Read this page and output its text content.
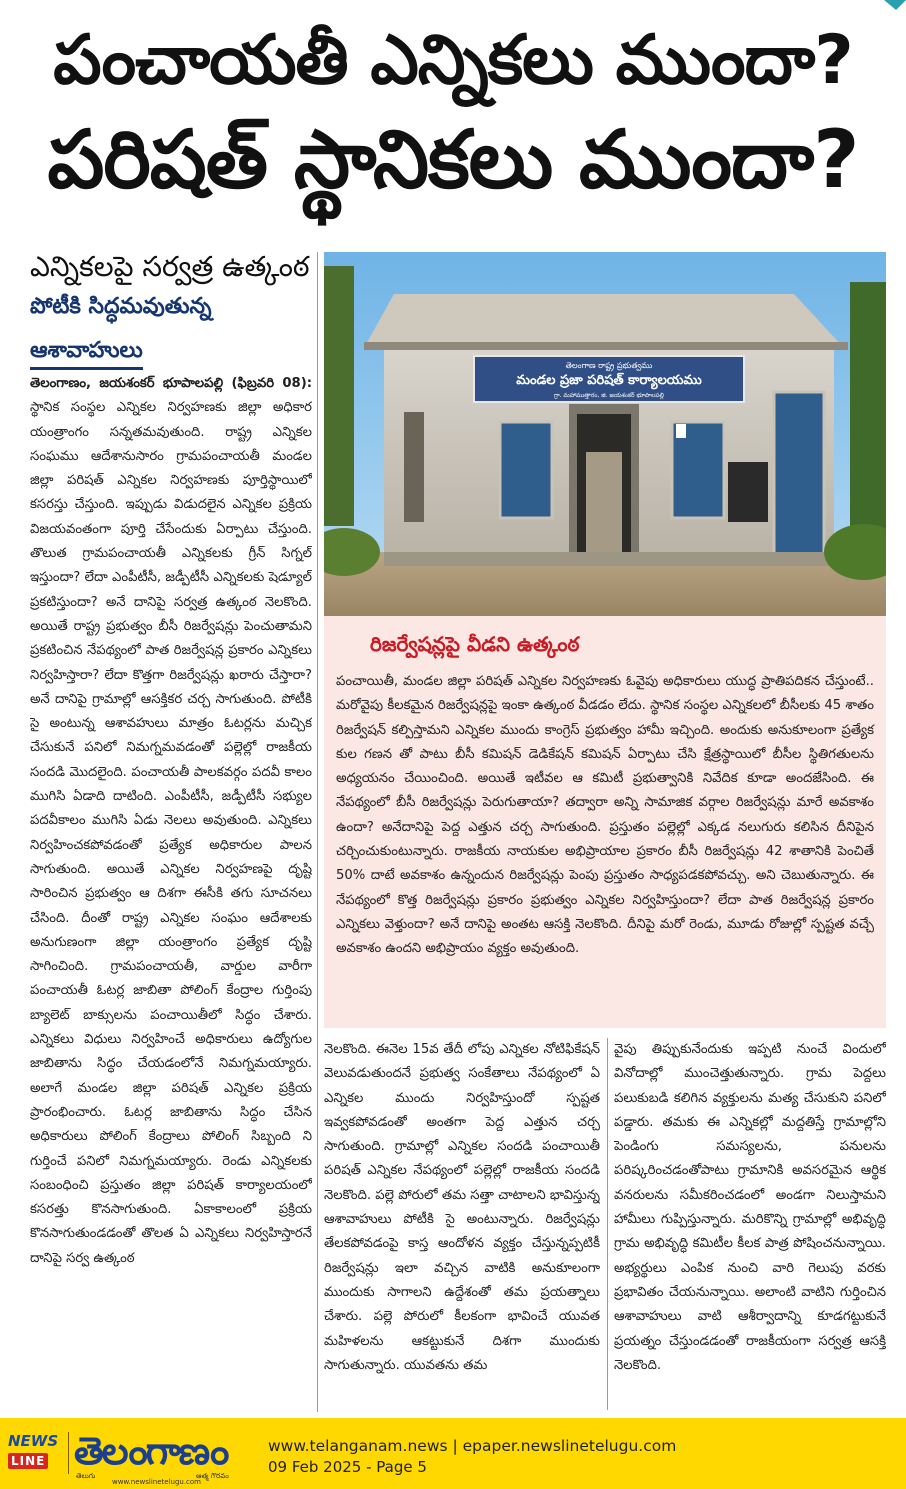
పంచాయతీ ఎన్నికలు ముందా?
పరిషత్ స్థానికలు ముందా?
ఎన్నికలపై సర్వత్ర ఉత్కంఠ
పోటీకి సిద్ధమవుతున్న
ఆశావాహులు
తెలంగాణం, జయశంకర్ భూపాలపల్లి (ఫిబ్రవరి 08): స్థానిక సంస్థల ఎన్నికల నిర్వహణకు జిల్లా అధికార యంత్రాంగం సన్నతమవుతుంది. రాష్ట్ర ఎన్నికల సంఘము ఆదేశానుసారం గ్రామపంచాయతీ మండల జిల్లా పరిషత్ ఎన్నికల నిర్వహణకు పూర్తిస్థాయిలో కసరస్తు చేస్తుంది. ఇప్పుడు విడుదలైన ఎన్నికల ప్రక్రియ విజయవంతంగా పూర్తి చేసేందుకు ఏర్పాటు చేస్తుంది. తొలుత గ్రామపంచాయతీ ఎన్నికలకు గ్రీన్ సిగ్నల్ ఇస్తుందా? లేదా ఎంపీటీసీ, జడ్పీటీసీ ఎన్నికలకు షెడ్యూల్ ప్రకటిస్తుందా? అనే దానిపై సర్వత్ర ఉత్కంఠ నెలకొంది. అయితే రాష్ట్ర ప్రభుత్వం బీసీ రిజర్వేషన్లు పెంచుతామని ప్రకటించిన నేపథ్యంలో పాత రిజర్వేషన్ల ప్రకారం ఎన్నికలు నిర్వహిస్తారా? లేదా కొత్తగా రిజర్వేషన్లు ఖరారు చేస్తారా? అనే దానిపై గ్రామాల్లో ఆసక్తికర చర్చ సాగుతుంది. పోటీకి సై అంటున్న ఆశావహులు మాత్రం ఓటర్లను మచ్చిక చేసుకునే పనిలో నిమగ్నమవడంతో పల్లెల్లో రాజకీయ సందడి మొదలైంది. పంచాయతీ పాలకవర్గం పదవీ కాలం ముగిసి ఏడాది దాటింది. ఎంపీటీసీ, జడ్పీటీసీ సభ్యుల పదవీకాలం ముగిసి ఏడు నెలలు అవుతుంది. ఎన్నికలు నిర్వహించకపోవడంతో ప్రత్యేక అధికారుల పాలన సాగుతుంది. అయితే ఎన్నికల నిర్వహణపై దృష్టి సారించిన ప్రభుత్వం ఆ దిశగా ఈసీకి తగు సూచనలు చేసింది. దీంతో రాష్ట్ర ఎన్నికల సంఘం ఆదేశాలకు అనుగుణంగా జిల్లా యంత్రాంగం ప్రత్యేక దృష్టి సాగించింది. గ్రామపంచాయతీ, వార్డుల వారీగా పంచాయతీ ఓటర్ల జాబితా పోలింగ్ కేంద్రాల గుర్తింపు బ్యాలెట్ బాక్సులను పంచాయితీలో సిద్ధం చేశారు. ఎన్నికలు విధులు నిర్వహించే అధికారులు ఉద్యోగుల జాబితాను సిద్ధం చేయడంలోనే నిమగ్నమయ్యారు. అలాగే మండల జిల్లా పరిషత్ ఎన్నికల ప్రక్రియ ప్రారంభించారు. ఓటర్ల జాబితాను సిద్ధం చేసిన అధికారులు పోలింగ్ కేంద్రాలు పోలింగ్ సిబ్బంది ని గుర్తించే పనిలో నిమగ్నమయ్యారు. రెండు ఎన్నికలకు సంబంధించి ప్రస్తుతం జిల్లా పరిషత్ కార్యాలయంలో కసరత్తు కొనసాగుతుంది. ఏకాకాలంలో ప్రక్రియ కొనసాగుతుండడంతో తొలత ఏ ఎన్నికలు నిర్వహిస్తారనే దానిపై సర్వ ఉత్కంఠ
తెలంగాణ రాష్ట్ర ప్రభుత్వము
మండల ప్రజా పరిషత్ కార్యాలయము
గ్రా. మహాముత్తారం, జి. జయశంకర్ భూపాలపల్లి
రిజర్వేషన్లపై వీడని ఉత్కంఠ
పంచాయితీ, మండల జిల్లా పరిషత్ ఎన్నికల నిర్వహణకు ఓవైపు అధికారులు యుద్ధ ప్రాతిపదికన చేస్తుంటే.. మరోవైపు కీలకమైన రిజర్వేషన్లపై ఇంకా ఉత్కంఠ వీడడం లేదు. స్థానిక సంస్థల ఎన్నికలలో బీసీలకు 45 శాతం రిజర్వేషన్ కల్పిస్తామని ఎన్నికల ముందు కాంగ్రెస్ ప్రభుత్వం హామీ ఇచ్చింది. అందుకు అనుకూలంగా ప్రత్యేక కుల గణన తో పాటు బీసీ కమిషన్ డెడికేషన్ కమిషన్ ఏర్పాటు చేసి క్షేత్రస్థాయిలో బీసీల స్థితిగతులను అధ్యయనం చేయించింది. అయితే ఇటీవల ఆ కమిటీ ప్రభుత్వానికి నివేదిక కూడా అందజేసింది. ఈ నేపథ్యంలో బీసీ రిజర్వేషన్లు పెరుగుతాయా? తద్వారా అన్ని సామాజిక వర్గాల రిజర్వేషన్లు మారే అవకాశం ఉందా? అనేదానిపై పెద్ద ఎత్తున చర్చ సాగుతుంది. ప్రస్తుతం పల్లెల్లో ఎక్కడ నలుగురు కలిసిన దీనిపైన చర్చించుకుంటున్నారు. రాజకీయ నాయకుల అభిప్రాయాల ప్రకారం బీసీ రిజర్వేషన్లు 42 శాతానికి పెంచితే 50% దాటే అవకాశం ఉన్నందున రిజర్వేషన్లు పెంపు ప్రస్తుతం సాధ్యపడకపోవచ్చు. అని చెబుతున్నారు. ఈ నేపథ్యంలో కొత్త రిజర్వేషన్లు ప్రకారం ప్రభుత్వం ఎన్నికల నిర్వహిస్తుందా? లేదా పాత రిజర్వేషన్ల ప్రకారం ఎన్నికలు వెళ్తుందా? అనే దానిపై అంతట ఆసక్తి నెలకొంది. దీనిపై మరో రెండు, మూడు రోజుల్లో స్పష్టత వచ్చే అవకాశం ఉందని అభిప్రాయం వ్యక్తం అవుతుంది.
నెలకొంది. ఈనెల 15వ తేదీ లోపు ఎన్నికల నోటిఫికేషన్ వెలువడుతుందనే ప్రభుత్వ సంకేతాలు నేపథ్యంలో ఏ ఎన్నికల ముందు నిర్వహిస్తుందో స్పష్టత ఇవ్వకపోవడంతో అంతగా పెద్ద ఎత్తున చర్చ సాగుతుంది. గ్రామాల్లో ఎన్నికల సందడి పంచాయితీ పరిషత్ ఎన్నికల నేపథ్యంలో పల్లెల్లో రాజకీయ సందడి నెలకొంది. పల్లె పోరులో తమ సత్తా చాటాలని భావిస్తున్న ఆశావాహులు పోటీకి సై అంటున్నారు. రిజర్వేషన్లు తేలకపోవడంపై కాస్త ఆందోళన వ్యక్తం చేస్తున్నప్పటికీ రిజర్వేషన్లు ఇలా వచ్చిన వాటికి అనుకూలంగా ముందుకు సాగాలని ఉద్దేశంతో తమ ప్రయత్నాలు చేశారు. పల్లె పోరులో కీలకంగా భావించే యువత మహిళలను ఆకట్టుకునే దిశగా ముందుకు సాగుతున్నారు. యువతను తమ
వైపు తిప్పుకునేందుకు ఇప్పటి నుంచే విందులో వినోదాల్లో ముంచెత్తుతున్నారు. గ్రామ పెద్దలు పలుకుబడి కలిగిన వ్యక్తులను మత్య చేసుకుని పనిలో పడ్డారు. తమకు ఈ ఎన్నికల్లో మద్దతిస్తే గ్రామాల్లోని పెండింగు సమస్యలను, పనులను పరిష్కరించడంతోపాటు గ్రామానికి అవసరమైన ఆర్థిక వనరులను సమీకరించడంలో అండగా నిలుస్తామని హామీలు గుప్పిస్తున్నారు. మరికొన్ని గ్రామాల్లో అభివృద్ధి గ్రామ అభివృద్ధి కమిటీల కీలక పాత్ర పోషించనున్నాయి. అభ్యర్థులు ఎంపిక నుంచి వారి గెలుపు వరకు ప్రభావితం చేయనున్నాయి. అలాంటి వాటిని గుర్తించిన ఆశావాహులు వాటి ఆశీర్వాదాన్ని కూడగట్టుకునే ప్రయత్నం చేస్తుండడంతో రాజకీయంగా సర్వత్ర ఆసక్తి నెలకొంది.
NEWS
LINE తెలంగాణం
తెలుగు	ఆత్మ గౌరవం
www.newslinetelugu.com
www.telanganam.news | epaper.newslinetelugu.com
09 Feb 2025 - Page 5
